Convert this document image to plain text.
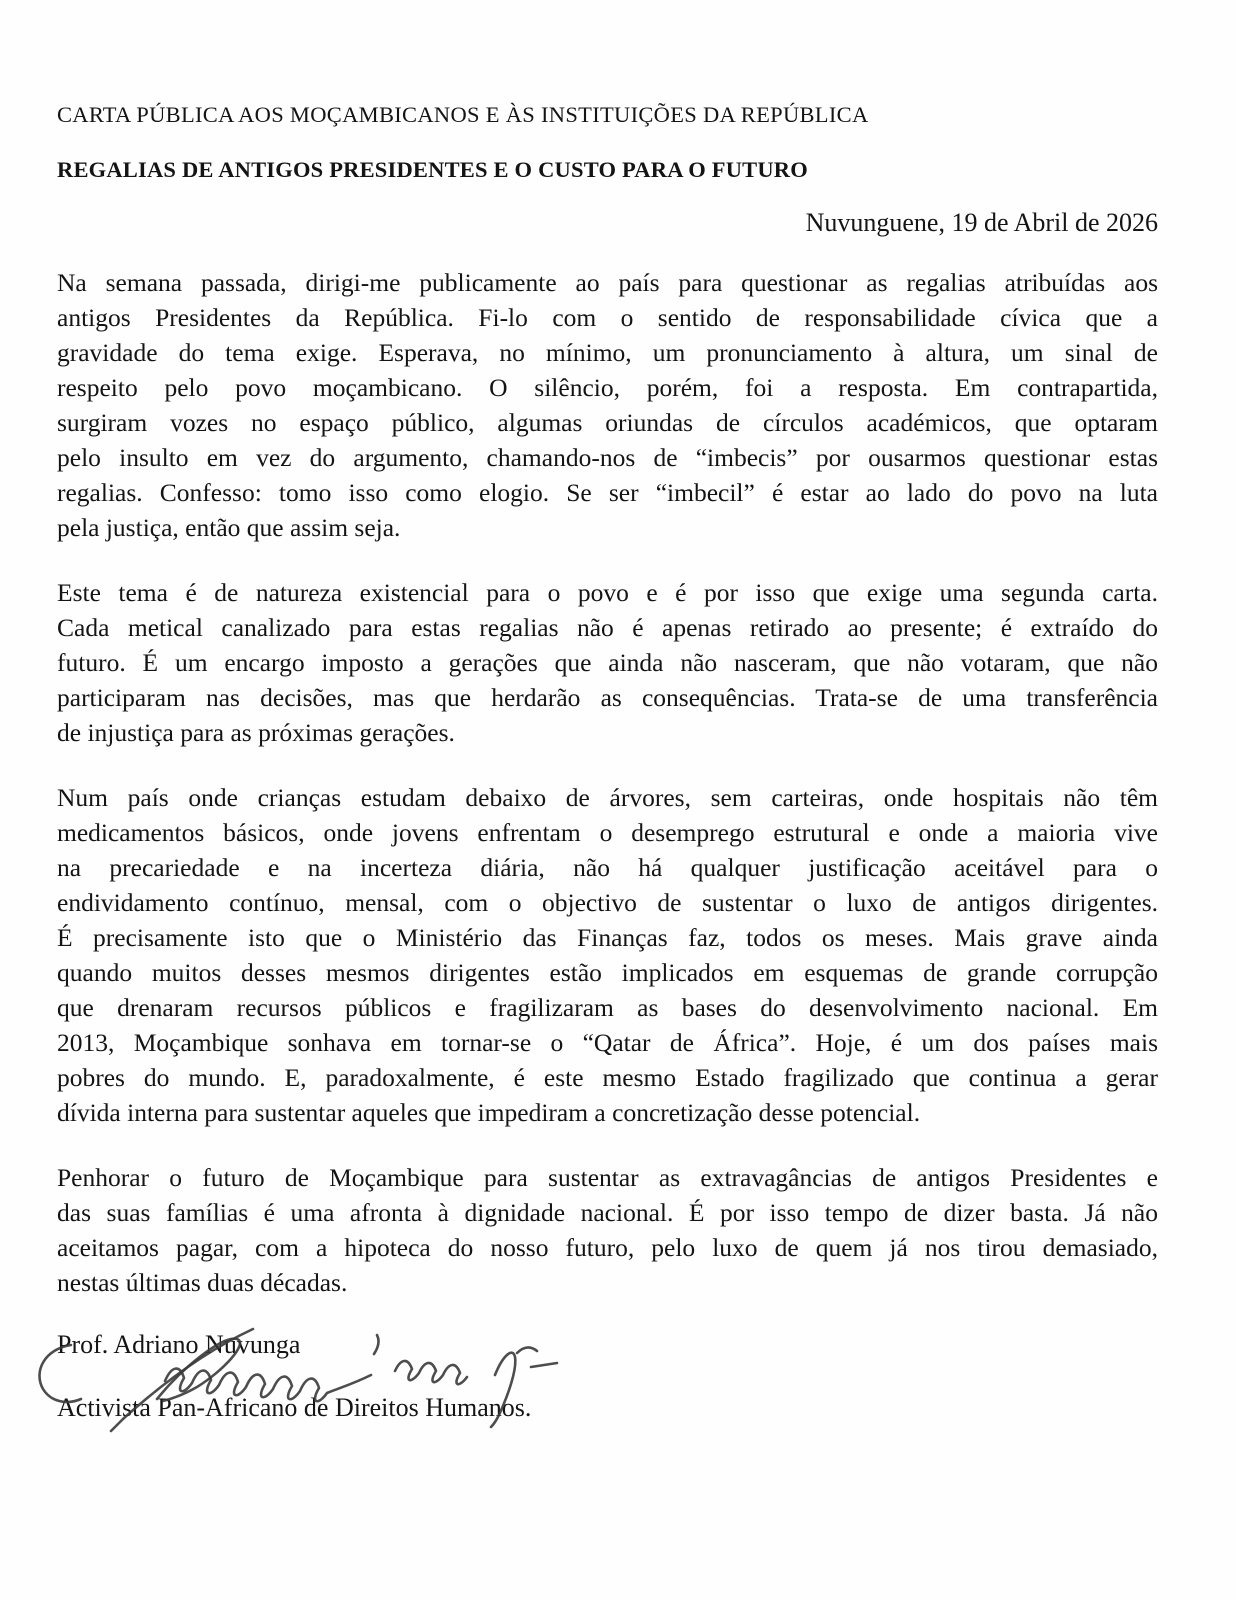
CARTA PÚBLICA AOS MOÇAMBICANOS E ÀS INSTITUIÇÕES DA REPÚBLICA
REGALIAS DE ANTIGOS PRESIDENTES E O CUSTO PARA O FUTURO
Nuvunguene, 19 de Abril de 2026
Na semana passada, dirigi-me publicamente ao país para questionar as regalias atribuídas aos
antigos Presidentes da República. Fi-lo com o sentido de responsabilidade cívica que a
gravidade do tema exige. Esperava, no mínimo, um pronunciamento à altura, um sinal de
respeito pelo povo moçambicano. O silêncio, porém, foi a resposta. Em contrapartida,
surgiram vozes no espaço público, algumas oriundas de círculos académicos, que optaram
pelo insulto em vez do argumento, chamando-nos de “imbecis” por ousarmos questionar estas
regalias. Confesso: tomo isso como elogio. Se ser “imbecil” é estar ao lado do povo na luta
pela justiça, então que assim seja.
Este tema é de natureza existencial para o povo e é por isso que exige uma segunda carta.
Cada metical canalizado para estas regalias não é apenas retirado ao presente; é extraído do
futuro. É um encargo imposto a gerações que ainda não nasceram, que não votaram, que não
participaram nas decisões, mas que herdarão as consequências. Trata-se de uma transferência
de injustiça para as próximas gerações.
Num país onde crianças estudam debaixo de árvores, sem carteiras, onde hospitais não têm
medicamentos básicos, onde jovens enfrentam o desemprego estrutural e onde a maioria vive
na precariedade e na incerteza diária, não há qualquer justificação aceitável para o
endividamento contínuo, mensal, com o objectivo de sustentar o luxo de antigos dirigentes.
É precisamente isto que o Ministério das Finanças faz, todos os meses. Mais grave ainda
quando muitos desses mesmos dirigentes estão implicados em esquemas de grande corrupção
que drenaram recursos públicos e fragilizaram as bases do desenvolvimento nacional. Em
2013, Moçambique sonhava em tornar-se o “Qatar de África”. Hoje, é um dos países mais
pobres do mundo. E, paradoxalmente, é este mesmo Estado fragilizado que continua a gerar
dívida interna para sustentar aqueles que impediram a concretização desse potencial.
Penhorar o futuro de Moçambique para sustentar as extravagâncias de antigos Presidentes e
das suas famílias é uma afronta à dignidade nacional. É por isso tempo de dizer basta. Já não
aceitamos pagar, com a hipoteca do nosso futuro, pelo luxo de quem já nos tirou demasiado,
nestas últimas duas décadas.
Prof. Adriano Nuvunga
Activista Pan-Africano de Direitos Humanos.
